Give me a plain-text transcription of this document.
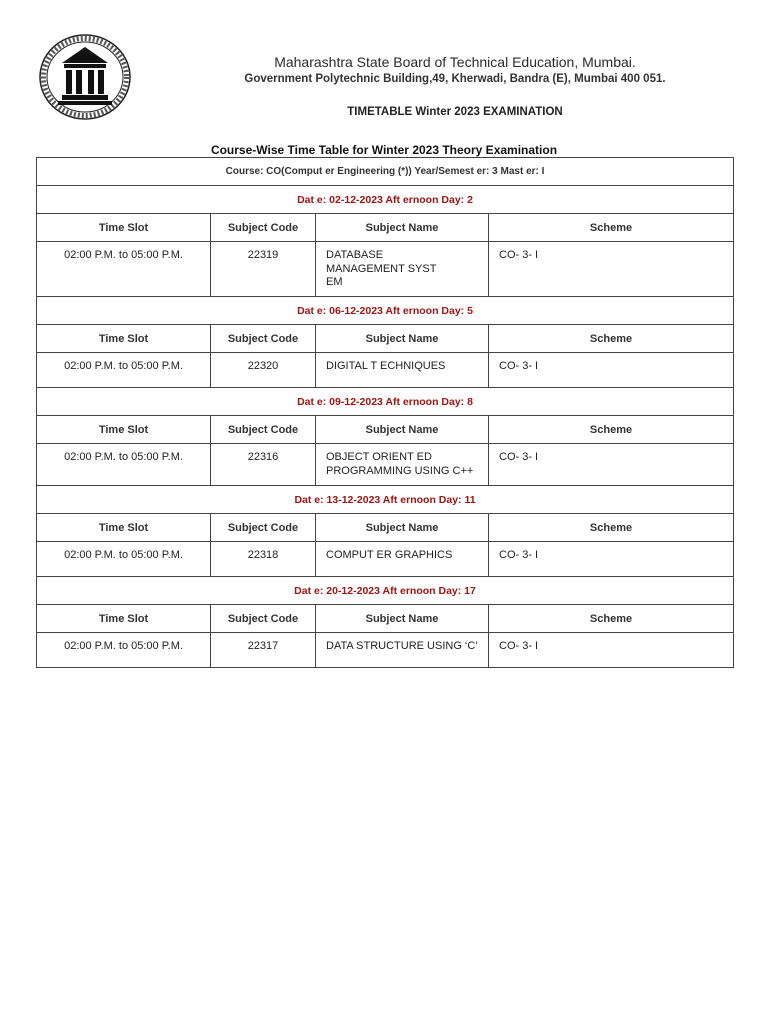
Maharashtra State Board of Technical Education, Mumbai.
Government Polytechnic Building,49, Kherwadi, Bandra (E), Mumbai 400 051.
TIMETABLE Winter 2023 EXAMINATION
Course-Wise Time Table for Winter 2023 Theory Examination
Course: CO(Comput er Engineering (*)) Year/Semest er: 3 Mast er: I			
Dat e: 02-12-2023 Aft ernoon Day: 2			
Time Slot	Subject Code	Subject Name	Scheme
02:00 P.M. to 05:00 P.M.	22319	DATABASE
MANAGEMENT SYST
EM	CO- 3- I
Dat e: 06-12-2023 Aft ernoon Day: 5			
Time Slot	Subject Code	Subject Name	Scheme
02:00 P.M. to 05:00 P.M.	22320	DIGITAL T ECHNIQUES	CO- 3- I
Dat e: 09-12-2023 Aft ernoon Day: 8			
Time Slot	Subject Code	Subject Name	Scheme
02:00 P.M. to 05:00 P.M.	22316	OBJECT ORIENT ED
PROGRAMMING USING C++	CO- 3- I
Dat e: 13-12-2023 Aft ernoon Day: 11			
Time Slot	Subject Code	Subject Name	Scheme
02:00 P.M. to 05:00 P.M.	22318	COMPUT ER GRAPHICS	CO- 3- I
Dat e: 20-12-2023 Aft ernoon Day: 17			
Time Slot	Subject Code	Subject Name	Scheme
02:00 P.M. to 05:00 P.M.	22317	DATA STRUCTURE USING ‘C’	CO- 3- I
